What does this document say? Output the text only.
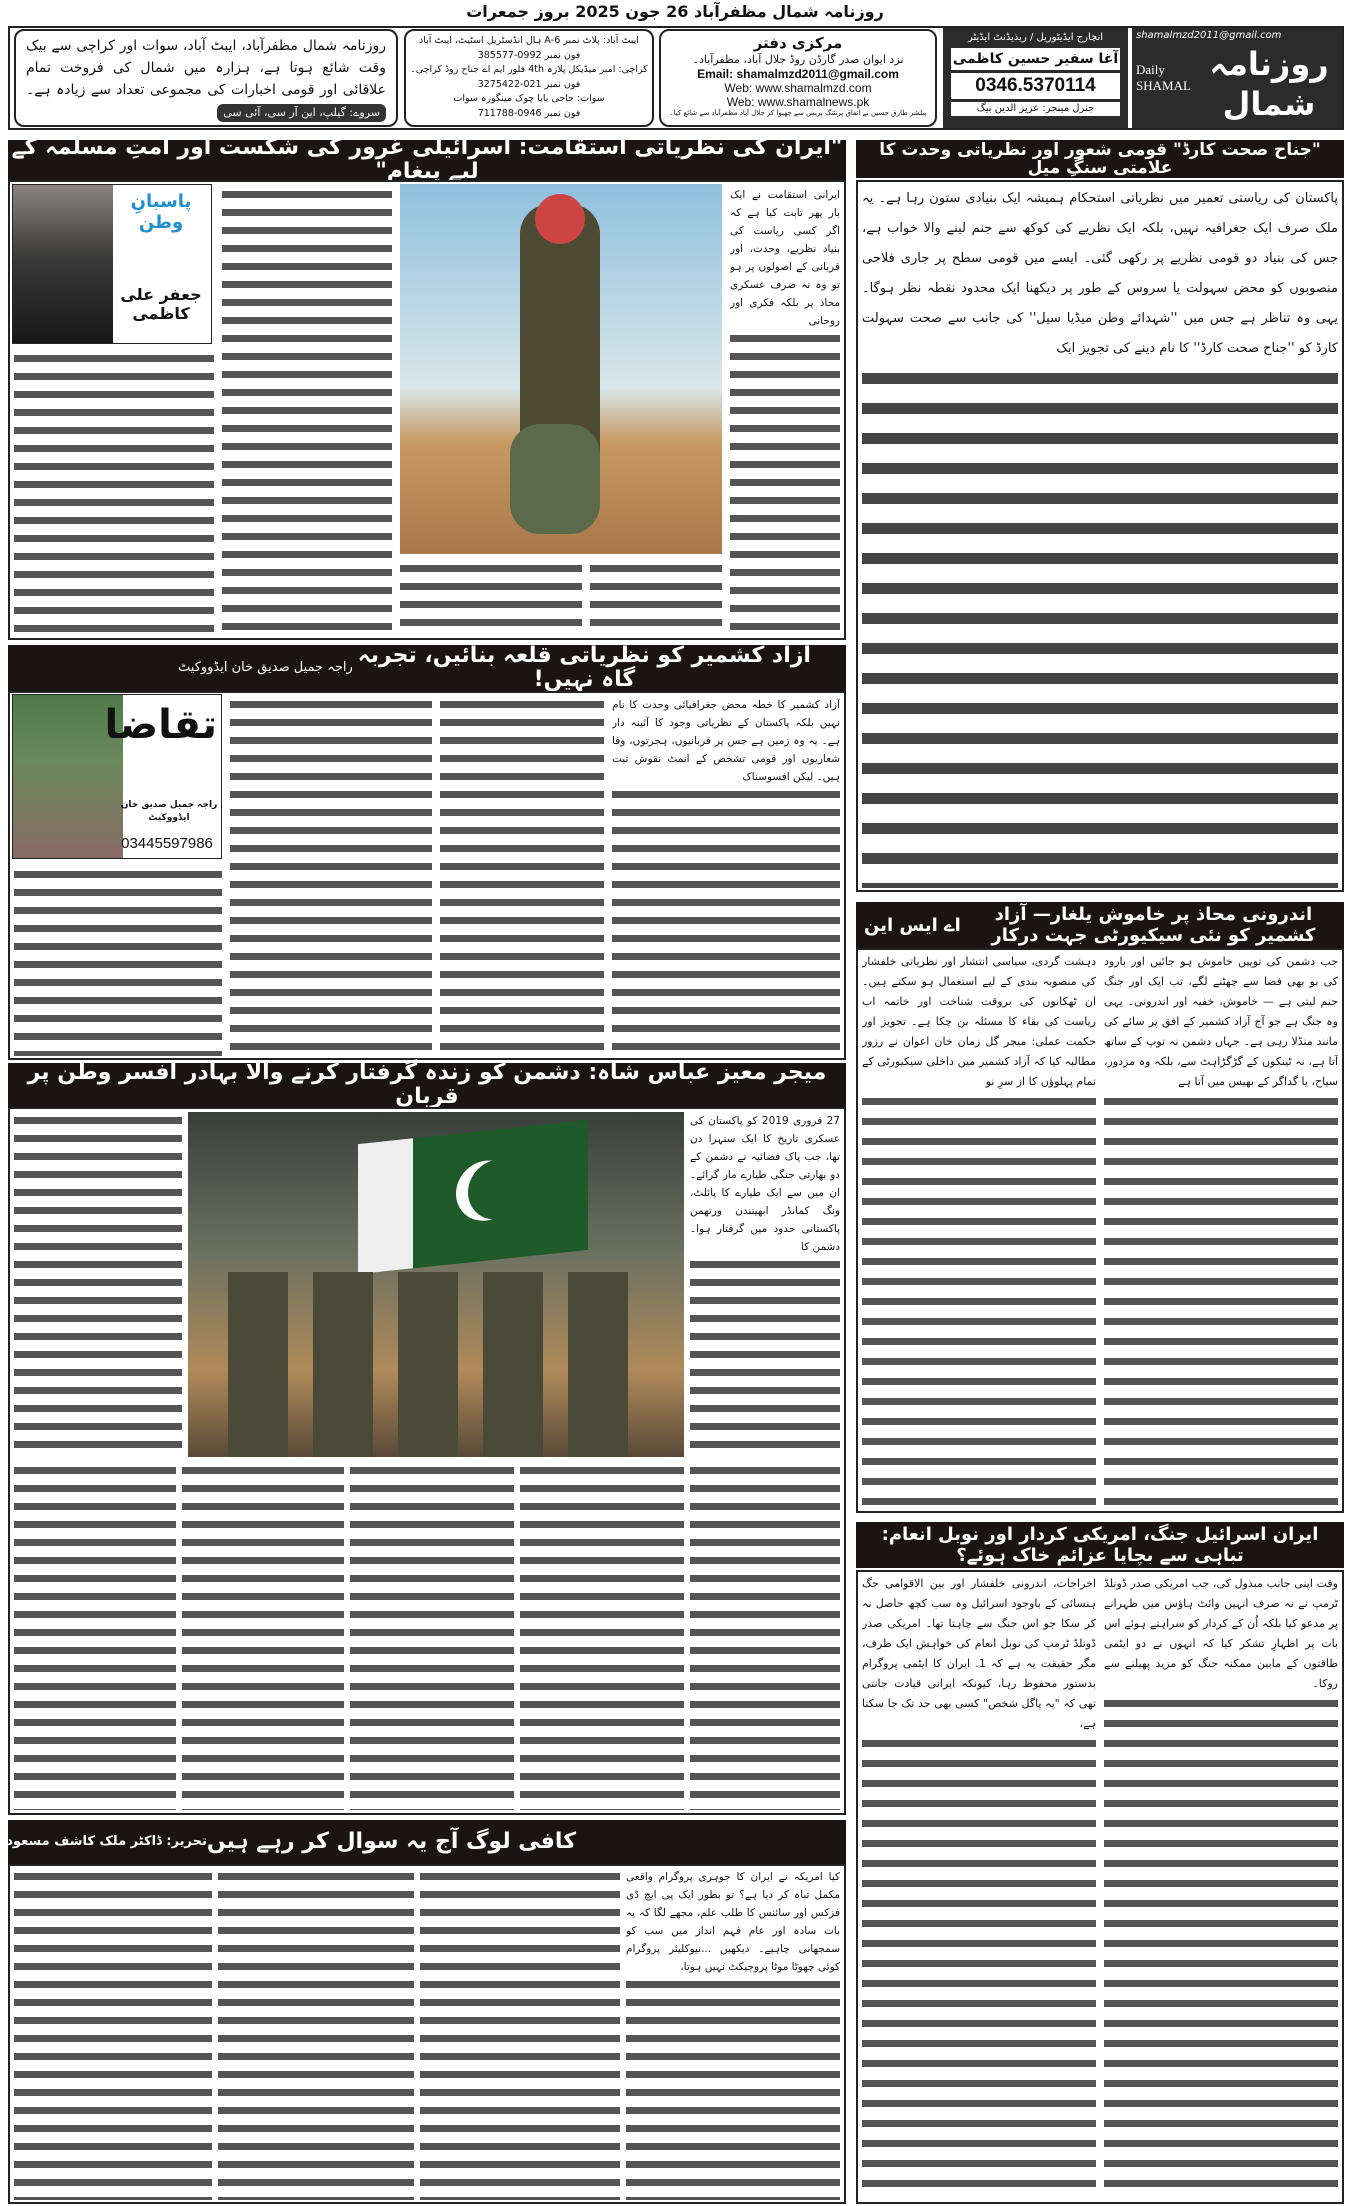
روزنامہ شمال مظفرآباد 26 جون 2025 بروز جمعرات
shamalmzd2011@gmail.com
Daily
SHAMAL
روزنامہ شمال
انچارج ایڈیٹوریل / ریذیڈنٹ ایڈیٹر
آغا سفیر حسین کاظمی
0346.5370114
جنرل مینجر: عزیز الدین بیگ
مرکزی دفتر
نزد ایوان صدر گارڈن روڈ جلال آباد، مظفرآباد۔
Email: shamalmzd2011@gmail.com
Web: www.shamalmzd.com
Web: www.shamalnews.pk
پبلشر طارق حسین نے اتفاق پرنٹنگ پریس سے چھپوا کر جلال آباد مظفرآباد سے شائع کیا۔
ایبٹ آباد: پلاٹ نمبر 6-A ہال انڈسٹریل اسٹیٹ، ایبٹ آباد
فون نمبر 0992-385577
کراچی: امبر میڈیکل پلازہ 4th فلور ایم اے جناح روڈ کراچی۔
فون نمبر 021-3275422
سوات: حاجی بابا چوک مینگورہ سوات
فون نمبر 0946-711788
روزنامہ شمال مظفرآباد، ایبٹ آباد، سوات اور کراچی سے بیک وقت شائع ہوتا ہے، ہزارہ میں شمال کی فروخت تمام علاقائی اور قومی اخبارات کی مجموعی تعداد سے زیادہ ہے۔ سروے: گیلپ، این آر سی، آئی سی
"ایران کی نظریاتی استقامت: اسرائیلی غرور کی شکست اور امتِ مسلمہ کے لیے پیغام"
پاسبانِ وطن
جعفر علی کاظمی
ایرانی استقامت نے ایک بار پھر ثابت کیا ہے کہ اگر کسی ریاست کی بنیاد نظریے، وحدت، اور قربانی کے اصولوں پر ہو تو وہ نہ صرف عسکری محاذ پر بلکہ فکری اور روحانی
آزاد کشمیر کو نظریاتی قلعہ بنائیں، تجربہ گاہ نہیں!
راجہ جمیل صدیق خان ایڈووکیٹ
تقاضا
راجہ جمیل صدیق خان ایڈووکیٹ
03445597986
آزاد کشمیر کا خطہ محض جغرافیائی وحدت کا نام نہیں بلکہ پاکستان کے نظریاتی وجود کا آئینہ دار ہے۔ یہ وہ زمین ہے جس پر قربانیوں، ہجرتوں، وفا شعاریوں اور قومی تشخص کے انمٹ نقوش ثبت ہیں۔ لیکن افسوسناک
میجر معیز عباس شاہ: دشمن کو زندہ گرفتار کرنے والا بہادر افسر وطن پر قربان
27 فروری 2019 کو پاکستان کی عسکری تاریخ کا ایک سنہرا دن تھا، جب پاک فضائیہ نے دشمن کے دو بھارتی جنگی طیارے مار گرائے۔ ان میں سے ایک طیارے کا پائلٹ، ونگ کمانڈر ابھینندن ورتھمن پاکستانی حدود میں گرفتار ہوا۔ دشمن کا
کافی لوگ آج یہ سوال کر رہے ہیں
تحریر: ڈاکٹر ملک کاشف مسعود
کیا امریکہ نے ایران کا جوہری پروگرام واقعی مکمل تباہ کر دیا ہے؟ تو بطور ایک پی ایچ ڈی فزکس اور سائنس کا طلب علم، مجھے لگا کہ یہ بات سادہ اور عام فہم انداز میں سب کو سمجھانی چاہیے۔ دیکھیں ...نیوکلیئر پروگرام کوئی چھوٹا موٹا پروجیکٹ نہیں ہوتا،
"جناح صحت کارڈ" قومی شعور اور نظریاتی وحدت کا علامتی سنگِ میل
پاکستان کی ریاستی تعمیر میں نظریاتی استحکام ہمیشہ ایک بنیادی ستون رہا ہے۔ یہ ملک صرف ایک جغرافیہ نہیں، بلکہ ایک نظریے کی کوکھ سے جنم لینے والا خواب ہے، جس کی بنیاد دو قومی نظریے پر رکھی گئی۔ ایسے میں قومی سطح پر جاری فلاحی منصوبوں کو محض سہولت یا سروس کے طور پر دیکھنا ایک محدود نقطہ نظر ہوگا۔ یہی وہ تناظر ہے جس میں ''شہدائے وطن میڈیا سیل'' کی جانب سے صحت سہولت کارڈ کو ''جناح صحت کارڈ'' کا نام دینے کی تجویز ایک
اندرونی محاذ پر خاموش یلغار— آزاد کشمیر کو نئی سیکیورٹی جہت درکار
اے ایس این
جب دشمن کی توپیں خاموش ہو جائیں اور بارود کی بو بھی فضا سے چھٹنے لگے، تب ایک اور جنگ جنم لیتی ہے — خاموش، خفیہ اور اندرونی۔ یہی وہ جنگ ہے جو آج آزاد کشمیر کے افق پر سائے کی مانند منڈلا رہی ہے۔ جہاں دشمن نہ توپ کے ساتھ آتا ہے، نہ ٹینکوں کے گڑگڑاہٹ سے، بلکہ وہ مزدور، سیاح، یا گداگر کے بھیس میں آتا ہے
دہشت گردی، سیاسی انتشار اور نظریاتی خلفشار کی منصوبہ بندی کے لیے استعمال ہو سکتے ہیں۔ ان ٹھکانوں کی بروقت شناخت اور خاتمہ اب ریاست کی بقاء کا مسئلہ بن چکا ہے۔ تجویز اور حکمت عملی: میجر گل زمان خان اعوان نے رزور مطالبہ کیا کہ آزاد کشمیر میں داخلی سیکیورٹی کے تمام پہلوؤں کا از سرِ نو
ایران اسرائیل جنگ، امریکی کردار اور نوبل انعام: تباہی سے بچایا عزائم خاک ہوئے؟
وقت اپنی جانب مبذول کی، جب امریکی صدر ڈونلڈ ٹرمپ نے نہ صرف انہیں وائٹ ہاؤس میں ظہرانے پر مدعو کیا بلکہ اُن کے کردار کو سراہتے ہوئے اس بات پر اظہارِ تشکر کیا کہ انہوں نے دو ایٹمی طاقتوں کے مابین ممکنہ جنگ کو مزید پھیلنے سے روکا۔
اخراجات، اندرونی خلفشار اور بین الاقوامی جگ ہنسائی کے باوجود اسرائیل وہ سب کچھ حاصل نہ کر سکا جو اس جنگ سے چاہتا تھا۔ امریکی صدر ڈونلڈ ٹرمپ کی نوبل انعام کی خواہش ایک طرف، مگر حقیقت یہ ہے کہ 1. ایران کا ایٹمی پروگرام بدستور محفوظ رہا، کیونکہ ایرانی قیادت جانتی تھی کہ "یہ پاگل شخص" کسی بھی حد تک جا سکتا ہے،
